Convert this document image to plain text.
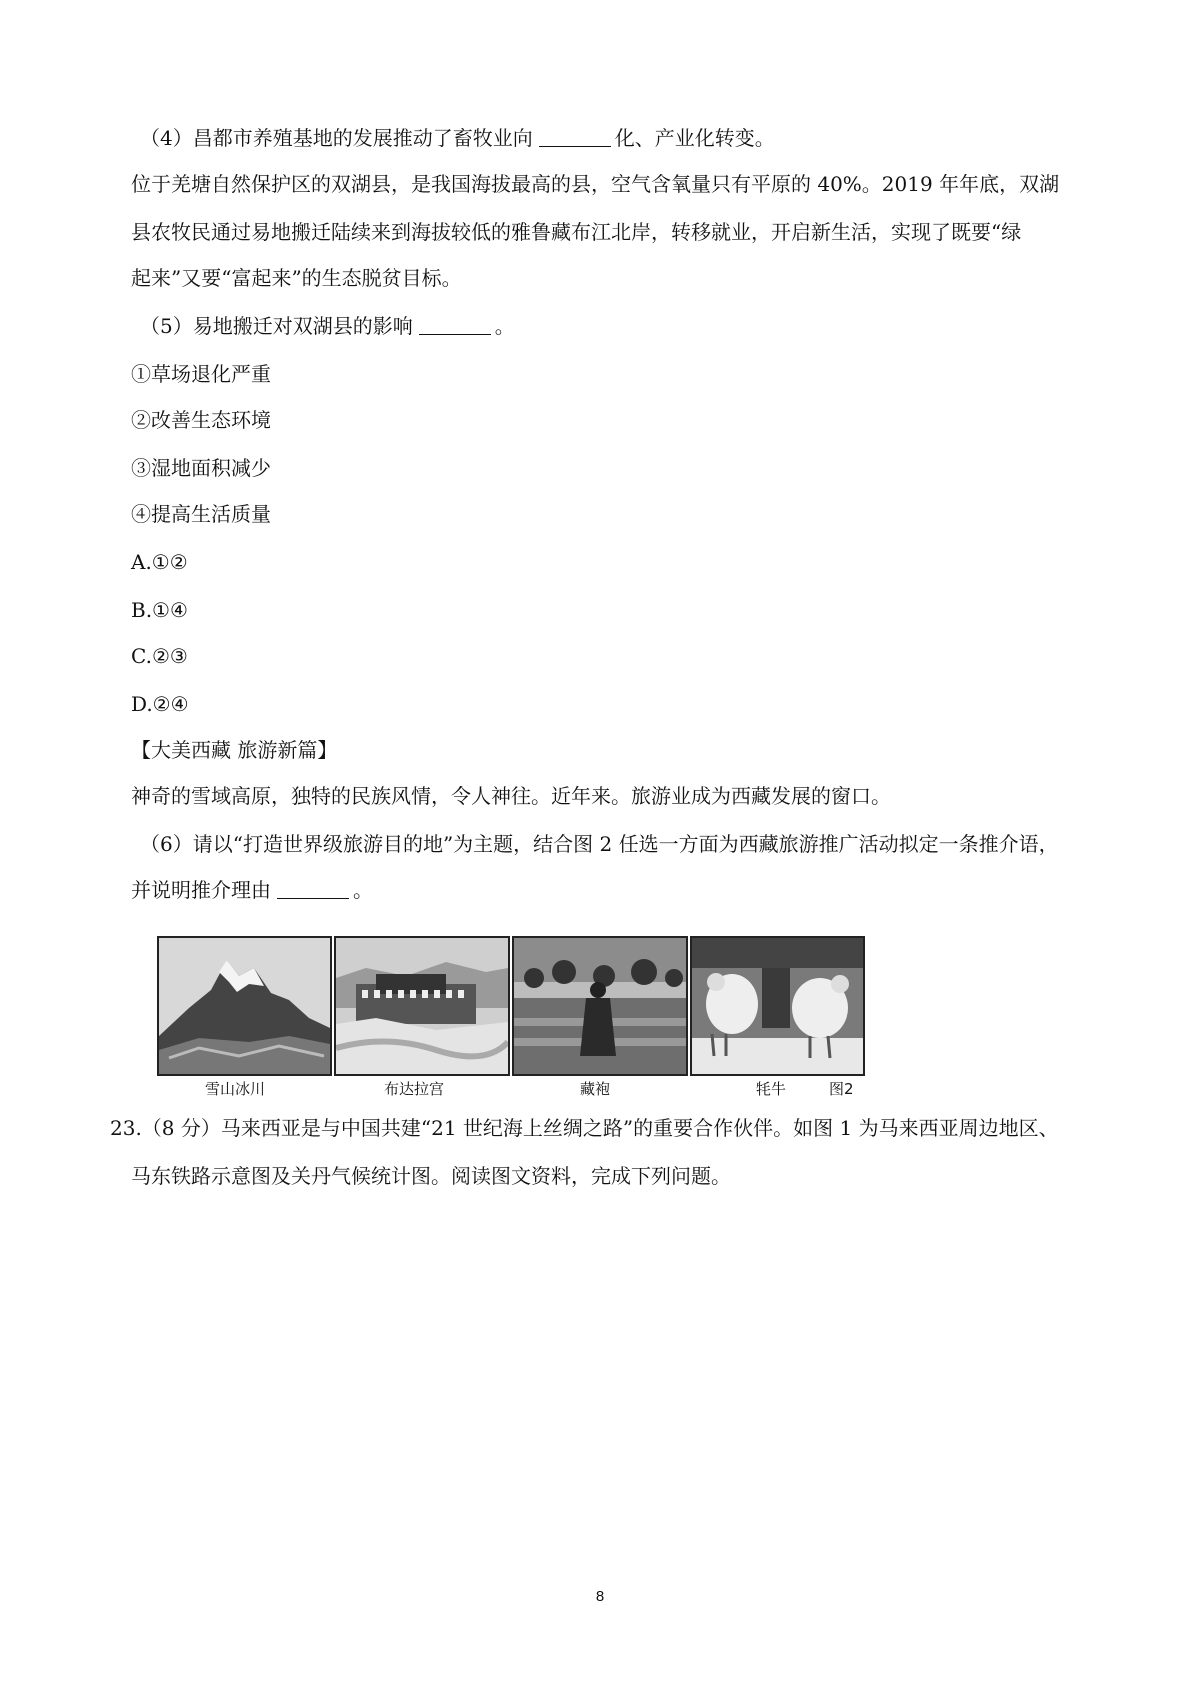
（4）昌都市养殖基地的发展推动了畜牧业向	化、产业化转变。
位于羌塘自然保护区的双湖县，是我国海拔最高的县，空气含氧量只有平原的 40%。2019 年年底，双湖
县农牧民通过易地搬迁陆续来到海拔较低的雅鲁藏布江北岸，转移就业，开启新生活，实现了既要“绿
起来”又要“富起来”的生态脱贫目标。
（5）易地搬迁对双湖县的影响	。
①草场退化严重
②改善生态环境
③湿地面积减少
④提高生活质量
A.①②
B.①④
C.②③
D.②④
【大美西藏 旅游新篇】
神奇的雪域高原，独特的民族风情，令人神往。近年来。旅游业成为西藏发展的窗口。
（6）请以“打造世界级旅游目的地”为主题，结合图 2 任选一方面为西藏旅游推广活动拟定一条推介语，
并说明推介理由	。
雪山冰川	布达拉宫	藏袍	牦牛	图2
23.（8 分）马来西亚是与中国共建“21 世纪海上丝绸之路”的重要合作伙伴。如图 1 为马来西亚周边地区、
马东铁路示意图及关丹气候统计图。阅读图文资料，完成下列问题。
8
